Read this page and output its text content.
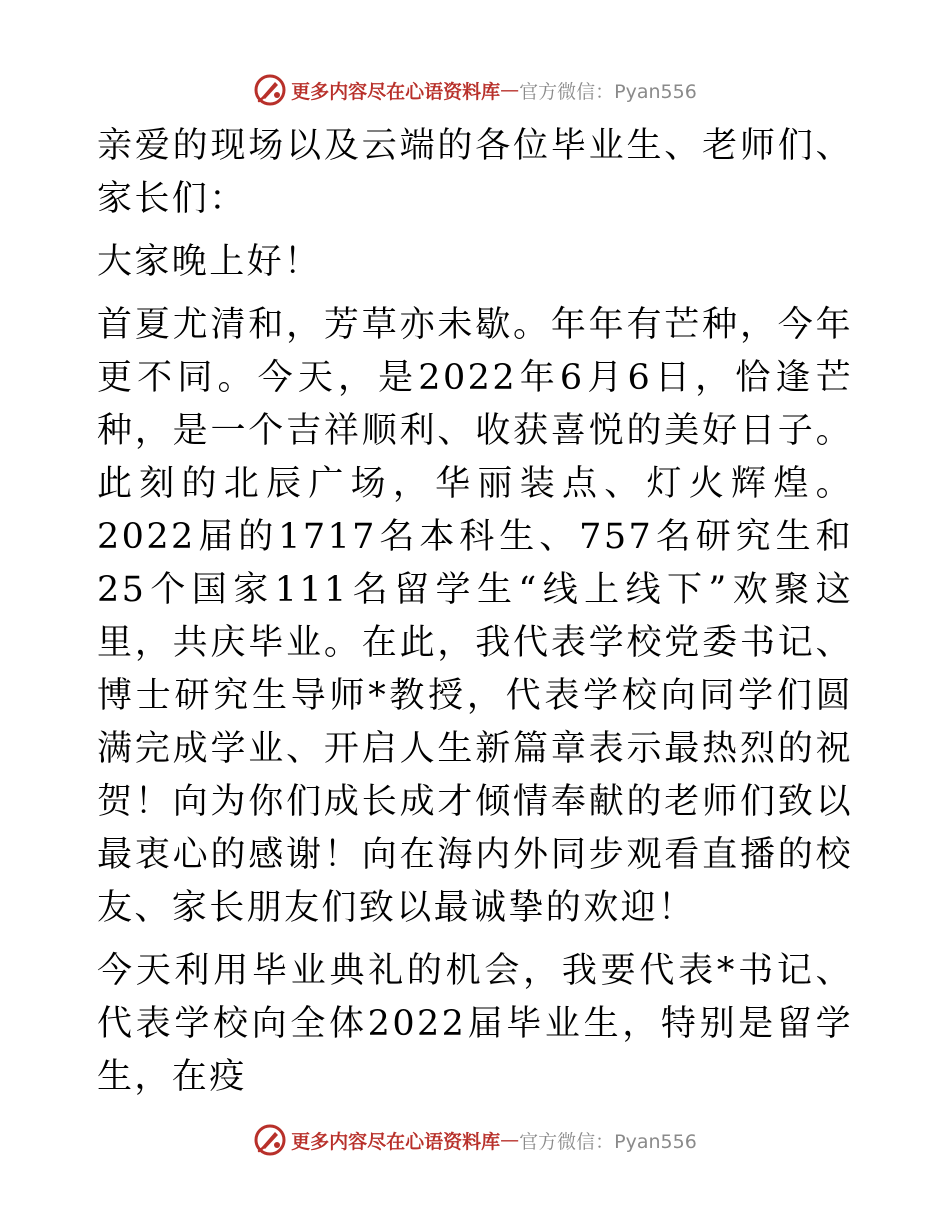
更多内容尽在心语资料库 — 官方微信：Pyan556

亲爱的现场以及云端的各位毕业生、老师们、家长们：

大家晚上好！

首夏尤清和，芳草亦未歇。年年有芒种，今年更不同。今天，是2022年6月6日，恰逢芒种，是一个吉祥顺利、收获喜悦的美好日子。此刻的北辰广场，华丽装点、灯火辉煌。2022届的1717名本科生、757名研究生和25个国家111名留学生“线上线下”欢聚这里，共庆毕业。在此，我代表学校党委书记、博士研究生导师*教授，代表学校向同学们圆满完成学业、开启人生新篇章表示最热烈的祝贺！向为你们成长成才倾情奉献的老师们致以最衷心的感谢！向在海内外同步观看直播的校友、家长朋友们致以最诚挚的欢迎！

今天利用毕业典礼的机会，我要代表*书记、代表学校向全体2022届毕业生，特别是留学生，在疫

更多内容尽在心语资料库 — 官方微信：Pyan556
